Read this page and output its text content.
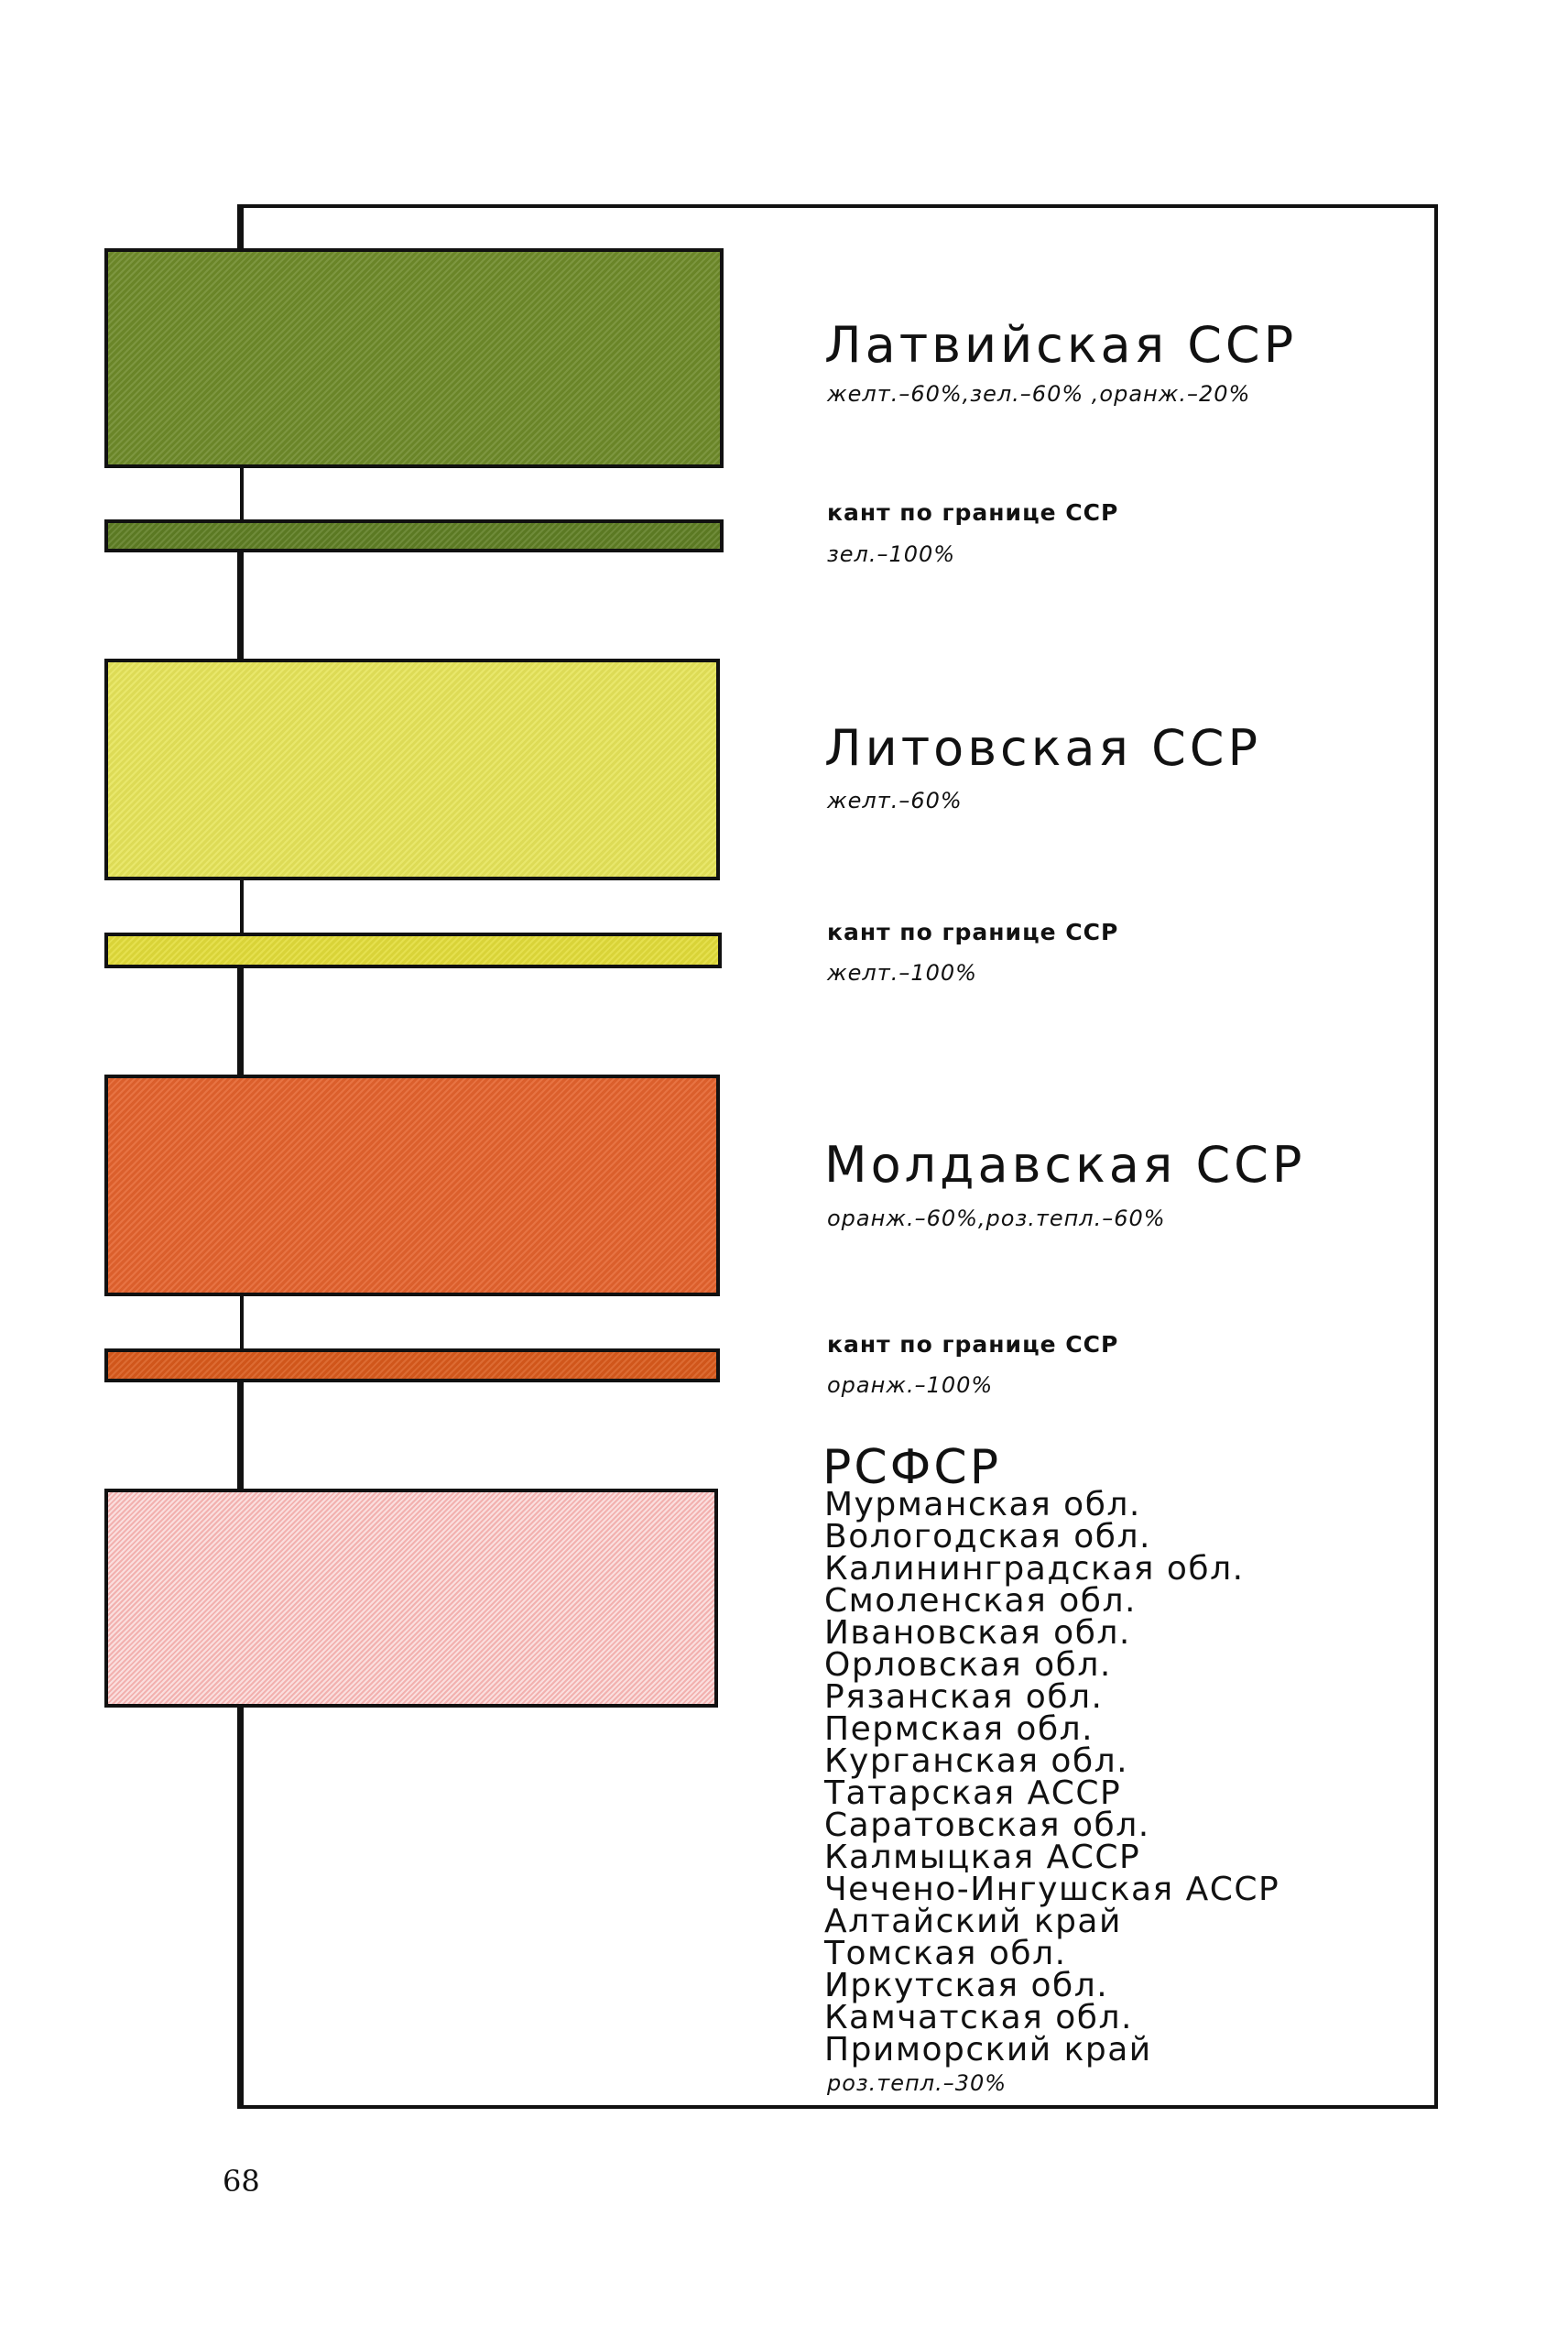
Латвийская ССР
желт.–60%,зел.–60% ,оранж.–20%
кант по границе ССР
зел.–100%
Литовская ССР
желт.–60%
кант по границе ССР
желт.–100%
Молдавская ССР
оранж.–60%,роз.тепл.–60%
кант по границе ССР
оранж.–100%
РСФСР
Мурманская обл.
Вологодская обл.
Калининградская обл.
Смоленская обл.
Ивановская обл.
Орловская обл.
Рязанская обл.
Пермская обл.
Курганская обл.
Татарская АССР
Саратовская обл.
Калмыцкая АССР
Чечено-Ингушская АССР
Алтайский край
Томская обл.
Иркутская обл.
Камчатская обл.
Приморский край
роз.тепл.–30%
68
